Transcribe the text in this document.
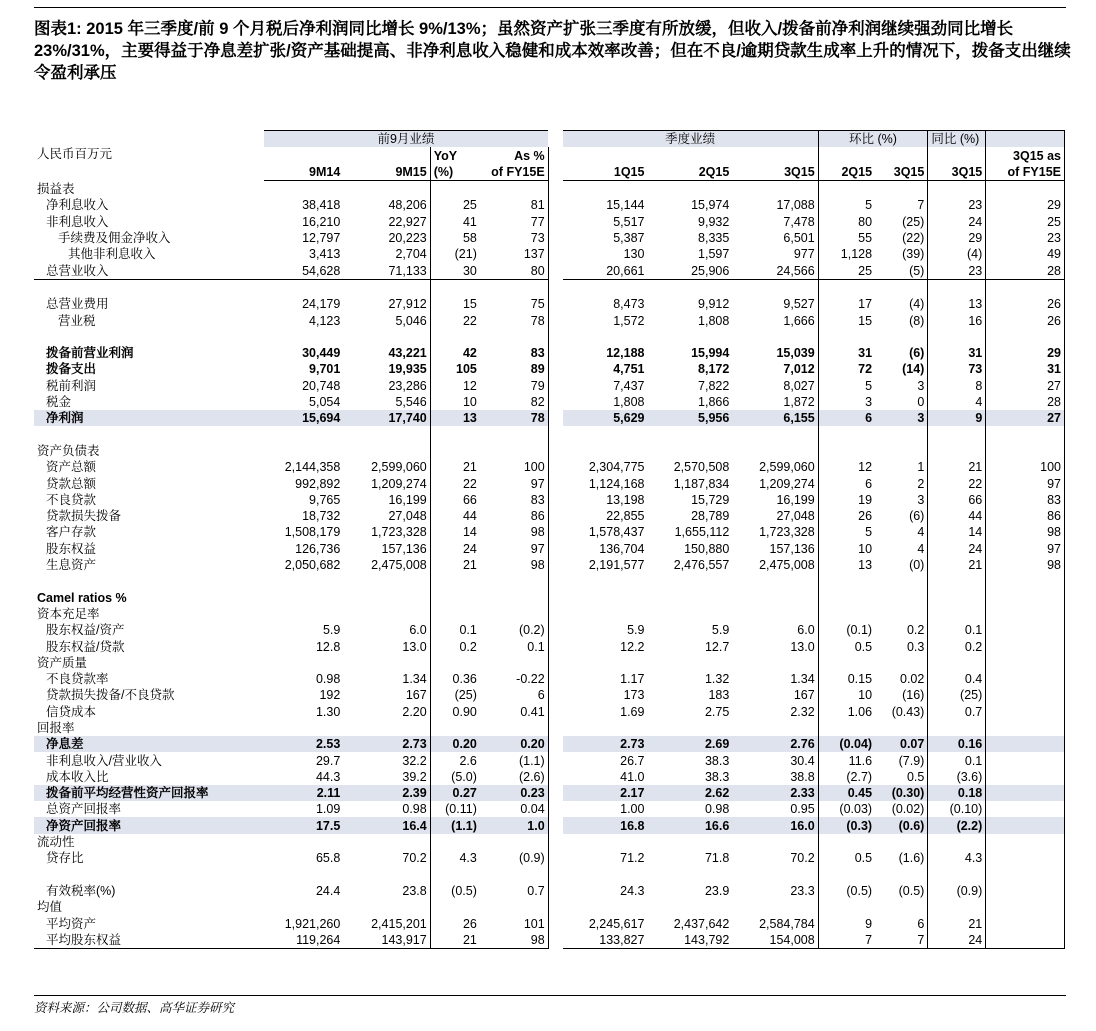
图表1: 2015 年三季度/前 9 个月税后净利润同比增长 9%/13%；虽然资产扩张三季度有所放缓，但收入/拨备前净利润继续强劲同比增长 23%/31%，主要得益于净息差扩张/资产基础提高、非净利息收入稳健和成本效率改善；但在不良/逾期贷款生成率上升的情况下，拨备支出继续令盈利承压

	前9月业绩					季度业绩			环比 (%)		同比 (%)	
人民币百万元			YoY	As %								3Q15 as
	9M14	9M15	(%)	of FY15E		1Q15	2Q15	3Q15	2Q15	3Q15	3Q15	of FY15E
损益表												
净利息收入	38,418	48,206	25	81		15,144	15,974	17,088	5	7	23	29
非利息收入	16,210	22,927	41	77		5,517	9,932	7,478	80	(25)	24	25
手续费及佣金净收入	12,797	20,223	58	73		5,387	8,335	6,501	55	(22)	29	23
其他非利息收入	3,413	2,704	(21)	137		130	1,597	977	1,128	(39)	(4)	49
总营业收入	54,628	71,133	30	80		20,661	25,906	24,566	25	(5)	23	28

总营业费用	24,179	27,912	15	75		8,473	9,912	9,527	17	(4)	13	26
营业税	4,123	5,046	22	78		1,572	1,808	1,666	15	(8)	16	26

拨备前营业利润	30,449	43,221	42	83		12,188	15,994	15,039	31	(6)	31	29
拨备支出	9,701	19,935	105	89		4,751	8,172	7,012	72	(14)	73	31
税前利润	20,748	23,286	12	79		7,437	7,822	8,027	5	3	8	27
税金	5,054	5,546	10	82		1,808	1,866	1,872	3	0	4	28
净利润	15,694	17,740	13	78		5,629	5,956	6,155	6	3	9	27

资产负债表												
资产总额	2,144,358	2,599,060	21	100		2,304,775	2,570,508	2,599,060	12	1	21	100
贷款总额	992,892	1,209,274	22	97		1,124,168	1,187,834	1,209,274	6	2	22	97
不良贷款	9,765	16,199	66	83		13,198	15,729	16,199	19	3	66	83
贷款损失拨备	18,732	27,048	44	86		22,855	28,789	27,048	26	(6)	44	86
客户存款	1,508,179	1,723,328	14	98		1,578,437	1,655,112	1,723,328	5	4	14	98
股东权益	126,736	157,136	24	97		136,704	150,880	157,136	10	4	24	97
生息资产	2,050,682	2,475,008	21	98		2,191,577	2,476,557	2,475,008	13	(0)	21	98

Camel ratios %												
资本充足率												
股东权益/资产	5.9	6.0	0.1	(0.2)		5.9	5.9	6.0	(0.1)	0.2	0.1	
股东权益/贷款	12.8	13.0	0.2	0.1		12.2	12.7	13.0	0.5	0.3	0.2	
资产质量												
不良贷款率	0.98	1.34	0.36	-0.22		1.17	1.32	1.34	0.15	0.02	0.4	
贷款损失拨备/不良贷款	192	167	(25)	6		173	183	167	10	(16)	(25)	
信贷成本	1.30	2.20	0.90	0.41		1.69	2.75	2.32	1.06	(0.43)	0.7	
回报率												
净息差	2.53	2.73	0.20	0.20		2.73	2.69	2.76	(0.04)	0.07	0.16	
非利息收入/营业收入	29.7	32.2	2.6	(1.1)		26.7	38.3	30.4	11.6	(7.9)	0.1	
成本收入比	44.3	39.2	(5.0)	(2.6)		41.0	38.3	38.8	(2.7)	0.5	(3.6)	
拨备前平均经营性资产回报率	2.11	2.39	0.27	0.23		2.17	2.62	2.33	0.45	(0.30)	0.18	
总资产回报率	1.09	0.98	(0.11)	0.04		1.00	0.98	0.95	(0.03)	(0.02)	(0.10)	
净资产回报率	17.5	16.4	(1.1)	1.0		16.8	16.6	16.0	(0.3)	(0.6)	(2.2)	
流动性												
贷存比	65.8	70.2	4.3	(0.9)		71.2	71.8	70.2	0.5	(1.6)	4.3	

有效税率(%)	24.4	23.8	(0.5)	0.7		24.3	23.9	23.3	(0.5)	(0.5)	(0.9)	
均值												
平均资产	1,921,260	2,415,201	26	101		2,245,617	2,437,642	2,584,784	9	6	21	
平均股东权益	119,264	143,917	21	98		133,827	143,792	154,008	7	7	24	
资料来源：公司数据、高华证券研究
